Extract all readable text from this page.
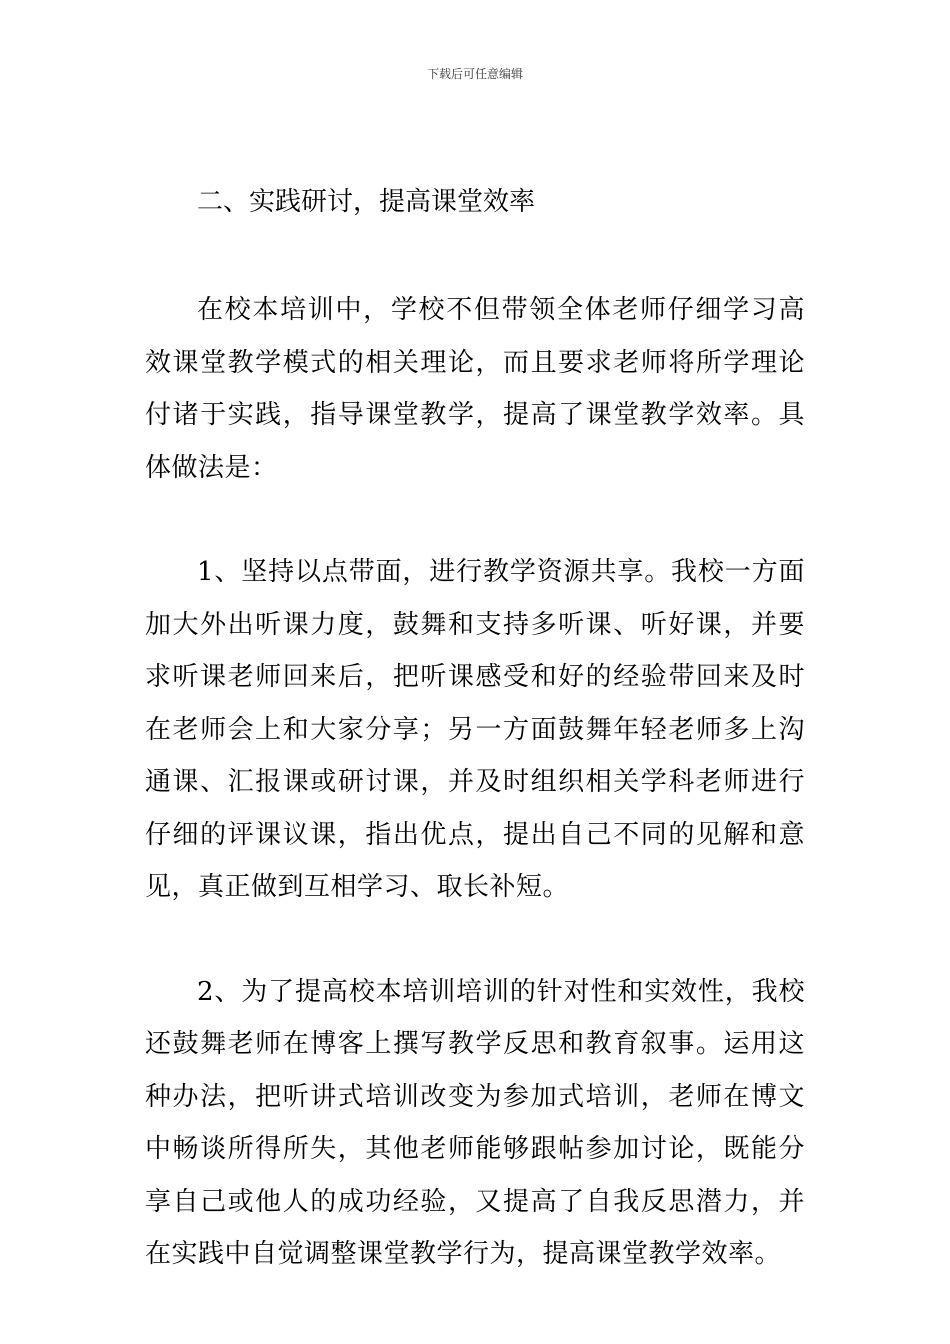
下载后可任意编辑
二、实践研讨，提高课堂效率

在校本培训中，学校不但带领全体老师仔细学习高效课堂教学模式的相关理论，而且要求老师将所学理论付诸于实践，指导课堂教学，提高了课堂教学效率。具体做法是：

1、坚持以点带面，进行教学资源共享。我校一方面加大外出听课力度，鼓舞和支持多听课、听好课，并要求听课老师回来后，把听课感受和好的经验带回来及时在老师会上和大家分享；另一方面鼓舞年轻老师多上沟通课、汇报课或研讨课，并及时组织相关学科老师进行仔细的评课议课，指出优点，提出自己不同的见解和意见，真正做到互相学习、取长补短。

2、为了提高校本培训培训的针对性和实效性，我校还鼓舞老师在博客上撰写教学反思和教育叙事。运用这种办法，把听讲式培训改变为参加式培训，老师在博文中畅谈所得所失，其他老师能够跟帖参加讨论，既能分享自己或他人的成功经验，又提高了自我反思潜力，并在实践中自觉调整课堂教学行为，提高课堂教学效率。
